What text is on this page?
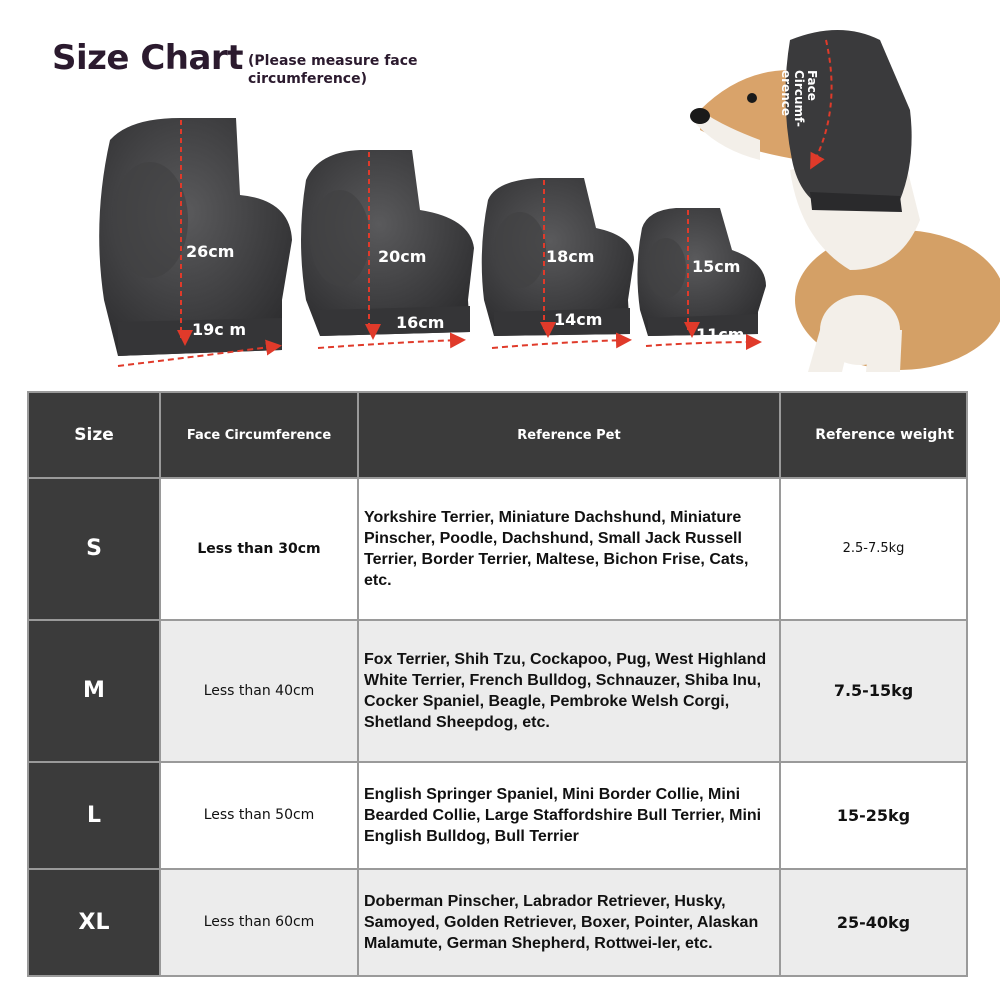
Size Chart (Please measure face circumference)
26cm
19c m
20cm
16cm
18cm
14cm
15cm
11cm
Face
Circumf-
erence
Size	Face Circumference	Reference Pet	Reference weight
S	Less than 30cm	Yorkshire Terrier, Miniature Dachshund, Miniature Pinscher, Poodle, Dachshund, Small Jack Russell Terrier, Border Terrier, Maltese, Bichon Frise, Cats, etc.	2.5-7.5kg
M	Less than 40cm	Fox Terrier, Shih Tzu, Cockapoo, Pug, West Highland White Terrier, French Bulldog, Schnauzer, Shiba Inu, Cocker Spaniel, Beagle, Pembroke Welsh Corgi, Shetland Sheepdog, etc.	7.5-15kg
L	Less than 50cm	English Springer Spaniel, Mini Border Collie, Mini Bearded Collie, Large Staffordshire Bull Terrier, Mini English Bulldog, Bull Terrier	15-25kg
XL	Less than 60cm	Doberman Pinscher, Labrador Retriever, Husky, Samoyed, Golden Retriever, Boxer, Pointer, Alaskan Malamute, German Shepherd, Rottwei-ler, etc.	25-40kg
